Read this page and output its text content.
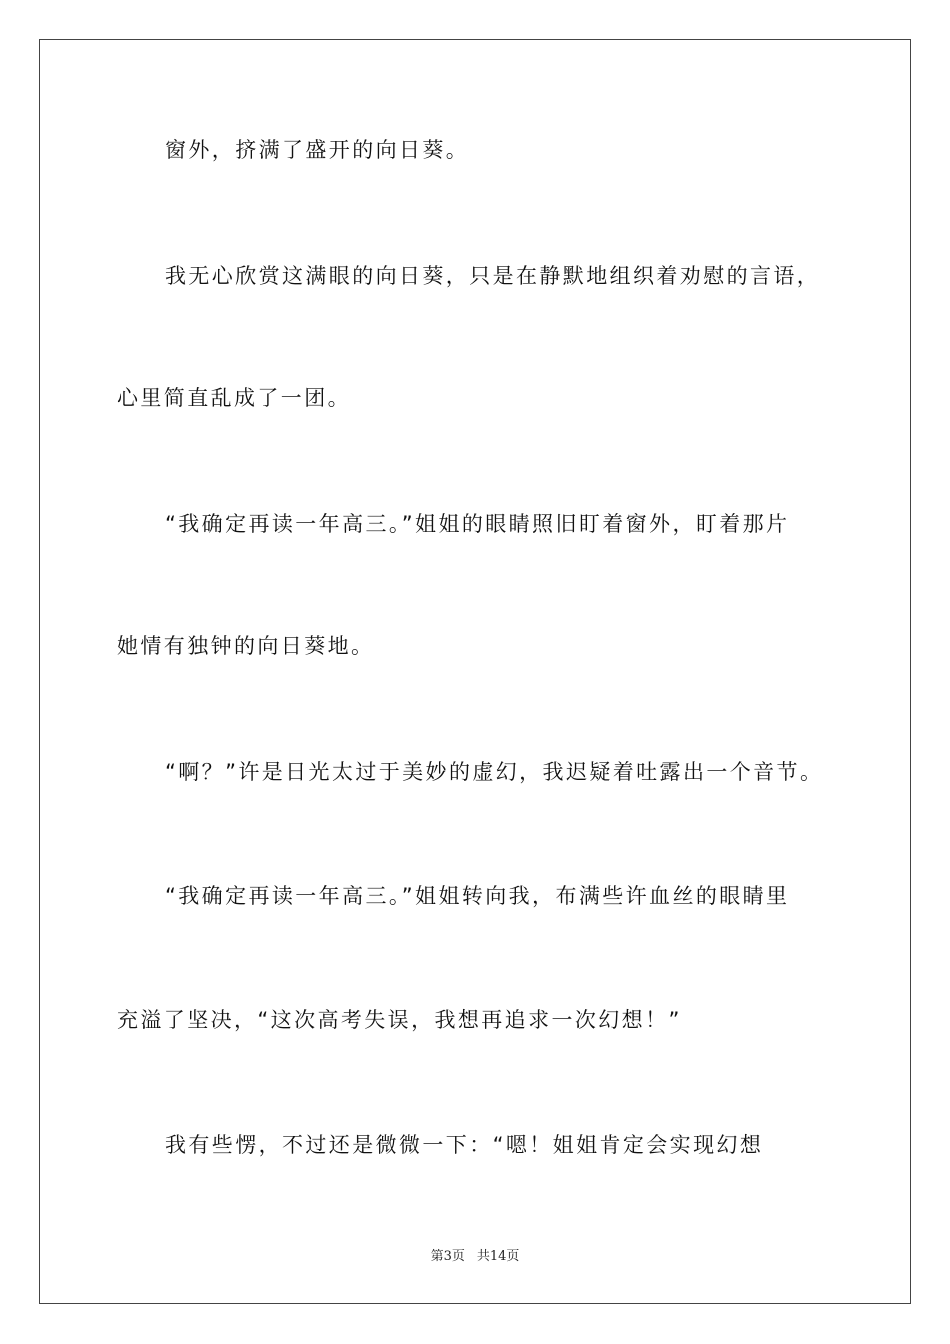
窗外，挤满了盛开的向日葵。
我无心欣赏这满眼的向日葵，只是在静默地组织着劝慰的言语，
心里简直乱成了一团。
“我确定再读一年高三。”姐姐的眼睛照旧盯着窗外，盯着那片
她情有独钟的向日葵地。
“啊？”许是日光太过于美妙的虚幻，我迟疑着吐露出一个音节。
“我确定再读一年高三。”姐姐转向我，布满些许血丝的眼睛里
充溢了坚决，“这次高考失误，我想再追求一次幻想！”
我有些愣，不过还是微微一下：“嗯！姐姐肯定会实现幻想
第3页 共14页
